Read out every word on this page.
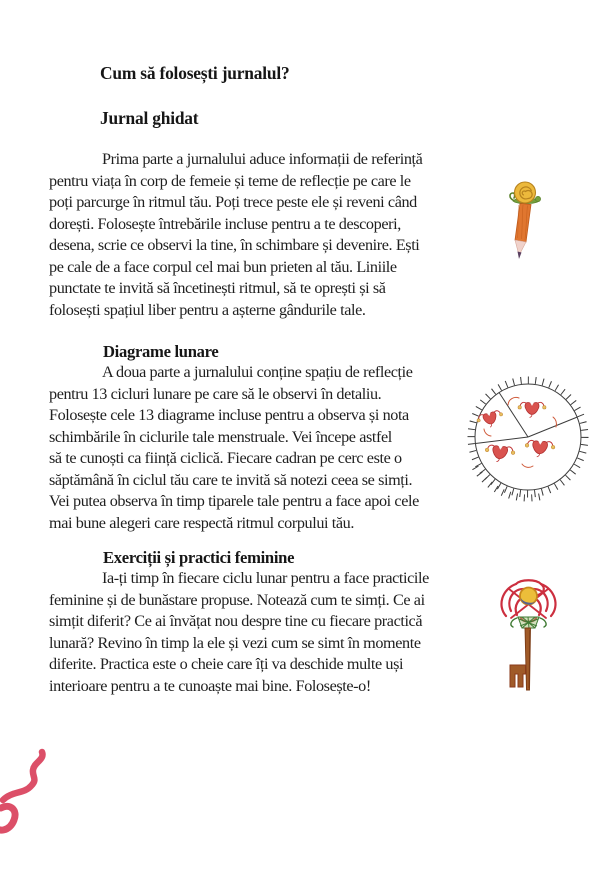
Cum să folosești jurnalul?
Jurnal ghidat
Prima parte a jurnalului aduce informații de referință
pentru viața în corp de femeie și teme de reflecție pe care le
poți parcurge în ritmul tău. Poți trece peste ele și reveni când
dorești. Folosește întrebările incluse pentru a te descoperi,
desena, scrie ce observi la tine, în schimbare și devenire. Ești
pe cale de a face corpul cel mai bun prieten al tău. Liniile
punctate te invită să încetinești ritmul, să te oprești și să
folosești spațiul liber pentru a așterne gândurile tale.
Diagrame lunare
A doua parte a jurnalului conține spațiu de reflecție
pentru 13 cicluri lunare pe care să le observi în detaliu.
Folosește cele 13 diagrame incluse pentru a observa și nota
schimbările în ciclurile tale menstruale. Vei începe astfel
să te cunoști ca ființă ciclică. Fiecare cadran pe cerc este o
săptămână în ciclul tău care te invită să notezi ceea se simți.
Vei putea observa în timp tiparele tale pentru a face apoi cele
mai bune alegeri care respectă ritmul corpului tău.
Exerciții și practici feminine
Ia-ți timp în fiecare ciclu lunar pentru a face practicile
feminine și de bunăstare propuse. Notează cum te simți. Ce ai
simțit diferit? Ce ai învățat nou despre tine cu fiecare practică
lunară? Revino în timp la ele și vezi cum se simt în momente
diferite. Practica este o cheie care îți va deschide multe uși
interioare pentru a te cunoaște mai bine. Folosește-o!
